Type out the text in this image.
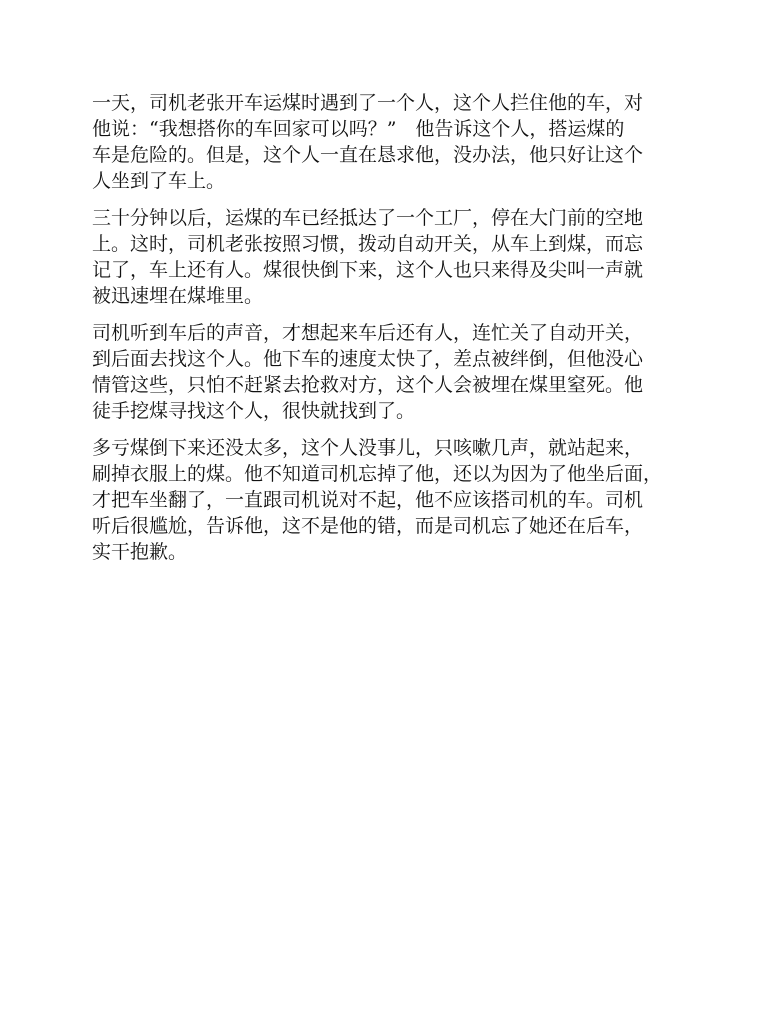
一天，司机老张开车运煤时遇到了一个人，这个人拦住他的车，对
他说：“我想搭你的车回家可以吗？”　他告诉这个人，搭运煤的
车是危险的。但是，这个人一直在恳求他，没办法，他只好让这个
人坐到了车上。

三十分钟以后，运煤的车已经抵达了一个工厂，停在大门前的空地
上。这时，司机老张按照习惯，拨动自动开关，从车上到煤，而忘
记了，车上还有人。煤很快倒下来，这个人也只来得及尖叫一声就
被迅速埋在煤堆里。

司机听到车后的声音，才想起来车后还有人，连忙关了自动开关，
到后面去找这个人。他下车的速度太快了，差点被绊倒，但他没心
情管这些，只怕不赶紧去抢救对方，这个人会被埋在煤里窒死。他
徒手挖煤寻找这个人，很快就找到了。

多亏煤倒下来还没太多，这个人没事儿，只咳嗽几声，就站起来，
刷掉衣服上的煤。他不知道司机忘掉了他，还以为因为了他坐后面，
才把车坐翻了，一直跟司机说对不起，他不应该搭司机的车。司机
听后很尴尬，告诉他，这不是他的错，而是司机忘了她还在后车，
实干抱歉。
